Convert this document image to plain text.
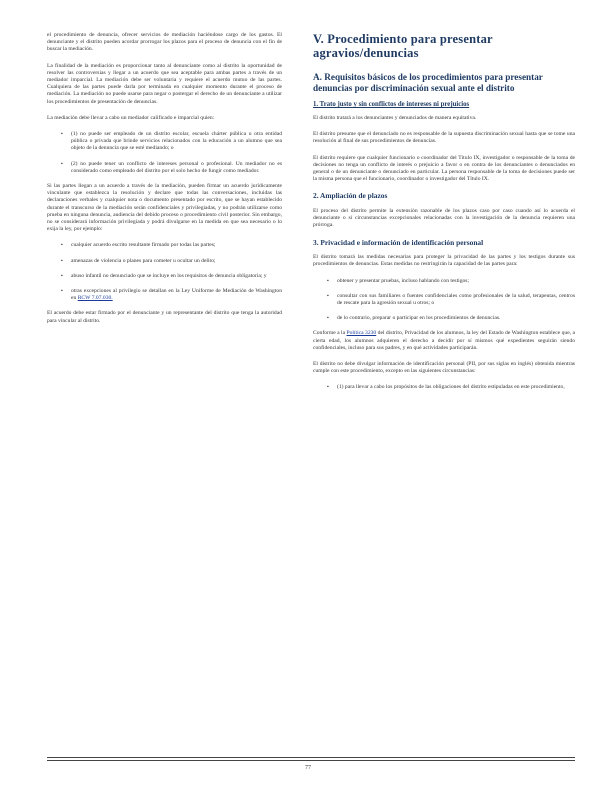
el procedimiento de denuncia, ofrecer servicios de mediación haciéndose cargo de los gastos. El denunciante y el distrito pueden acordar prorrogar los plazos para el proceso de denuncia con el fin de buscar la mediación.

La finalidad de la mediación es proporcionar tanto al denunciante como al distrito la oportunidad de resolver las controversias y llegar a un acuerdo que sea aceptable para ambas partes a través de un mediador imparcial. La mediación debe ser voluntaria y requiere el acuerdo mutuo de las partes. Cualquiera de las partes puede darla por terminada en cualquier momento durante el proceso de mediación. La mediación no puede usarse para negar o postergar el derecho de un denunciante a utilizar los procedimientos de presentación de denuncias.

La mediación debe llevar a cabo un mediador calificado e imparcial quien:

▪	(1) no puede ser empleado de un distrito escolar, escuela chárter pública u otra entidad pública o privada que brinde servicios relacionados con la educación a un alumno que sea objeto de la denuncia que se esté mediando; o
▪	(2) no puede tener un conflicto de intereses personal o profesional. Un mediador no es considerado como empleado del distrito por el solo hecho de fungir como mediador.

Si las partes llegan a un acuerdo a través de la mediación, pueden firmar un acuerdo jurídicamente vinculante que establezca la resolución y declare que todas las conversaciones, incluidas las declaraciones verbales y cualquier nota o documento presentado por escrito, que se hayan establecido durante el transcurso de la mediación serán confidenciales y privilegiadas, y no podrán utilizarse como prueba en ninguna denuncia, audiencia del debido proceso o procedimiento civil posterior. Sin embargo, no se considerará información privilegiada y podrá divulgarse en la medida en que sea necesario o lo exija la ley, por ejemplo:

▪	cualquier acuerdo escrito resultante firmado por todas las partes;
▪	amenazas de violencia o planes para cometer u ocultar un delito;
▪	abuso infantil no denunciado que se incluye en los requisitos de denuncia obligatoria; y
▪	otras excepciones al privilegio se detallan en la Ley Uniforme de Mediación de Washington en RCW 7.07.030.

El acuerdo debe estar firmado por el denunciante y un representante del distrito que tenga la autoridad para vincular al distrito.

V. Procedimiento para presentar agravios/denuncias
A. Requisitos básicos de los procedimientos para presentar denuncias por discriminación sexual ante el distrito
1. Trato justo y sin conflictos de intereses ni prejuicios

El distrito tratará a los denunciantes y denunciados de manera equitativa.

El distrito presume que el denunciado no es responsable de la supuesta discriminación sexual hasta que se tome una resolución al final de sus procedimientos de denuncias.

El distrito requiere que cualquier funcionario o coordinador del Título IX, investigador o responsable de la toma de decisiones no tenga un conflicto de interés o prejuicio a favor o en contra de los denunciantes o denunciados en general o de un denunciante o denunciado en particular. La persona responsable de la toma de decisiones puede ser la misma persona que el funcionario, coordinador o investigador del Título IX.

2. Ampliación de plazos

El proceso del distrito permite la extensión razonable de los plazos caso por caso cuando así lo acuerda el denunciante o si circunstancias excepcionales relacionadas con la investigación de la denuncia requieren una prórroga.

3. Privacidad e información de identificación personal

El distrito tomará las medidas necesarias para proteger la privacidad de las partes y los testigos durante sus procedimientos de denuncias. Estas medidas no restringirán la capacidad de las partes para:

▪	obtener y presentar pruebas, incluso hablando con testigos;
▪	consultar con sus familiares o fuentes confidenciales como profesionales de la salud, terapeutas, centros de rescate para la agresión sexual u otros; o
▪	de lo contrario, preparar o participar en los procedimientos de denuncias.

Conforme a la Política 3230 del distrito, Privacidad de los alumnos, la ley del Estado de Washington establece que, a cierta edad, los alumnos adquieren el derecho a decidir por sí mismos qué expedientes seguirán siendo confidenciales, incluso para sus padres, y en qué actividades participarán.

El distrito no debe divulgar información de identificación personal (PII, por sus siglas en inglés) obtenida mientras cumple con este procedimiento, excepto en las siguientes circunstancias:

▪	(1) para llevar a cabo los propósitos de las obligaciones del distrito estipuladas en este procedimiento,
77
